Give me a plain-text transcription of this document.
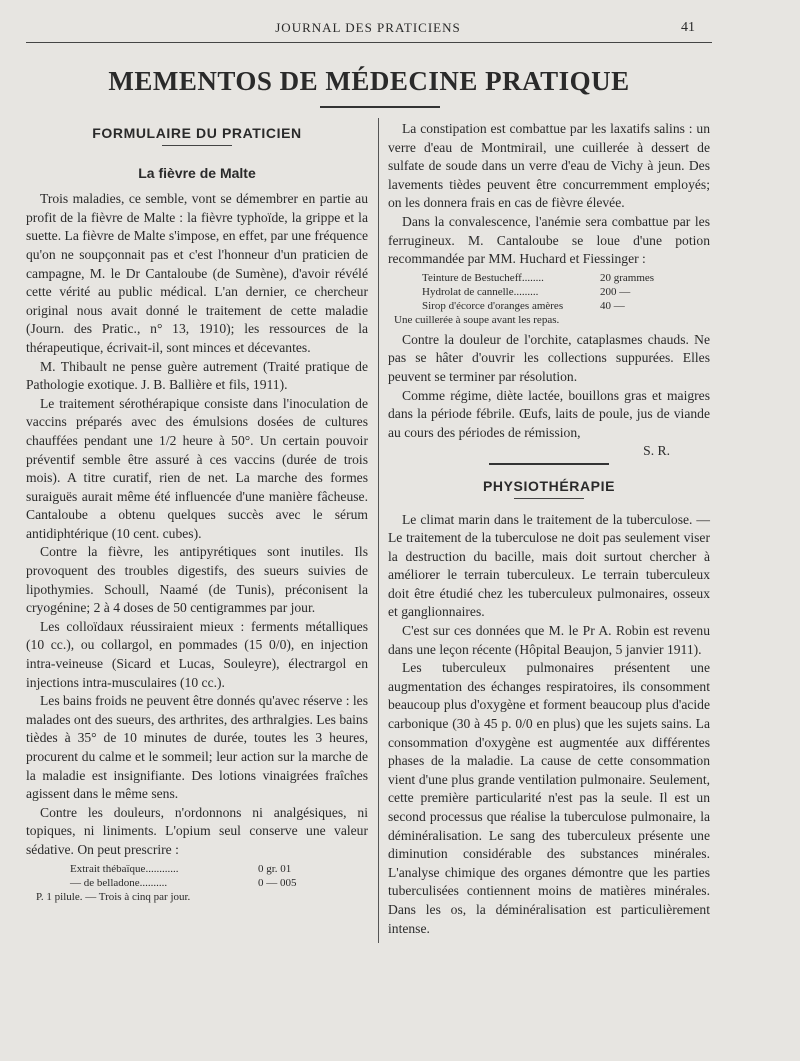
JOURNAL DES PRATICIENS	41
MEMENTOS DE MÉDECINE PRATIQUE
FORMULAIRE DU PRATICIEN
La fièvre de Malte

Trois maladies, ce semble, vont se démembrer en partie au profit de la fièvre de Malte : la fièvre typhoïde, la grippe et la suette. La fièvre de Malte s'impose, en effet, par une fréquence qu'on ne soupçonnait pas et c'est l'honneur d'un praticien de campagne, M. le Dr Cantaloube (de Sumène), d'avoir révélé cette vérité au public médical. L'an dernier, ce chercheur original nous avait donné le traitement de cette maladie (Journ. des Pratic., n° 13, 1910); les ressources de la thérapeutique, écrivait-il, sont minces et décevantes.

M. Thibault ne pense guère autrement (Traité pratique de Pathologie exotique. J. B. Ballière et fils, 1911).

Le traitement sérothérapique consiste dans l'inoculation de vaccins préparés avec des émulsions dosées de cultures chauffées pendant une 1/2 heure à 50°. Un certain pouvoir préventif semble être assuré à ces vaccins (durée de trois mois). A titre curatif, rien de net. La marche des formes suraiguës aurait même été influencée d'une manière fâcheuse. Cantaloube a obtenu quelques succès avec le sérum antidiphtérique (10 cent. cubes).

Contre la fièvre, les antipyrétiques sont inutiles. Ils provoquent des troubles digestifs, des sueurs suivies de lipothymies. Schoull, Naamé (de Tunis), préconisent la cryogénine; 2 à 4 doses de 50 centigrammes par jour.

Les colloïdaux réussiraient mieux : ferments métalliques (10 cc.), ou collargol, en pommades (15 0/0), en injection intra-veineuse (Sicard et Lucas, Souleyre), électrargol en injections intra-musculaires (10 cc.).

Les bains froids ne peuvent être donnés qu'avec réserve : les malades ont des sueurs, des arthrites, des arthralgies. Les bains tièdes à 35° de 10 minutes de durée, toutes les 3 heures, procurent du calme et le sommeil; leur action sur la marche de la maladie est insignifiante. Des lotions vinaigrées fraîches agissent dans le même sens.

Contre les douleurs, n'ordonnons ni analgésiques, ni topiques, ni liniments. L'opium seul conserve une valeur sédative. On peut prescrire :

Extrait thébaïque............	0 gr. 01
— de belladone..........	0 — 005
P. 1 pilule. — Trois à cinq par jour.

La constipation est combattue par les laxatifs salins : un verre d'eau de Montmirail, une cuillerée à dessert de sulfate de soude dans un verre d'eau de Vichy à jeun. Des lavements tièdes peuvent être concurremment employés; on les donnera frais en cas de fièvre élevée.

Dans la convalescence, l'anémie sera combattue par les ferrugineux. M. Cantaloube se loue d'une potion recommandée par MM. Huchard et Fiessinger :

Teinture de Bestucheff........	20 grammes
Hydrolat de cannelle.........	200 —
Sirop d'écorce d'oranges amères	40 —
Une cuillerée à soupe avant les repas.

Contre la douleur de l'orchite, cataplasmes chauds. Ne pas se hâter d'ouvrir les collections suppurées. Elles peuvent se terminer par résolution.

Comme régime, diète lactée, bouillons gras et maigres dans la période fébrile. Œufs, laits de poule, jus de viande au cours des périodes de rémission,

S. R.
PHYSIOTHÉRAPIE

Le climat marin dans le traitement de la tuberculose. — Le traitement de la tuberculose ne doit pas seulement viser la destruction du bacille, mais doit surtout chercher à améliorer le terrain tuberculeux. Le terrain tuberculeux doit être étudié chez les tuberculeux pulmonaires, osseux et ganglionnaires.

C'est sur ces données que M. le Pr A. Robin est revenu dans une leçon récente (Hôpital Beaujon, 5 janvier 1911).

Les tuberculeux pulmonaires présentent une augmentation des échanges respiratoires, ils consomment beaucoup plus d'oxygène et forment beaucoup plus d'acide carbonique (30 à 45 p. 0/0 en plus) que les sujets sains. La consommation d'oxygène est augmentée aux différentes phases de la maladie. La cause de cette consommation vient d'une plus grande ventilation pulmonaire. Seulement, cette première particularité n'est pas la seule. Il est un second processus que réalise la tuberculose pulmonaire, la déminéralisation. Le sang des tuberculeux présente une diminution considérable des substances minérales. L'analyse chimique des organes démontre que les parties tuberculisées contiennent moins de matières minérales. Dans les os, la déminéralisation est particulièrement intense.
